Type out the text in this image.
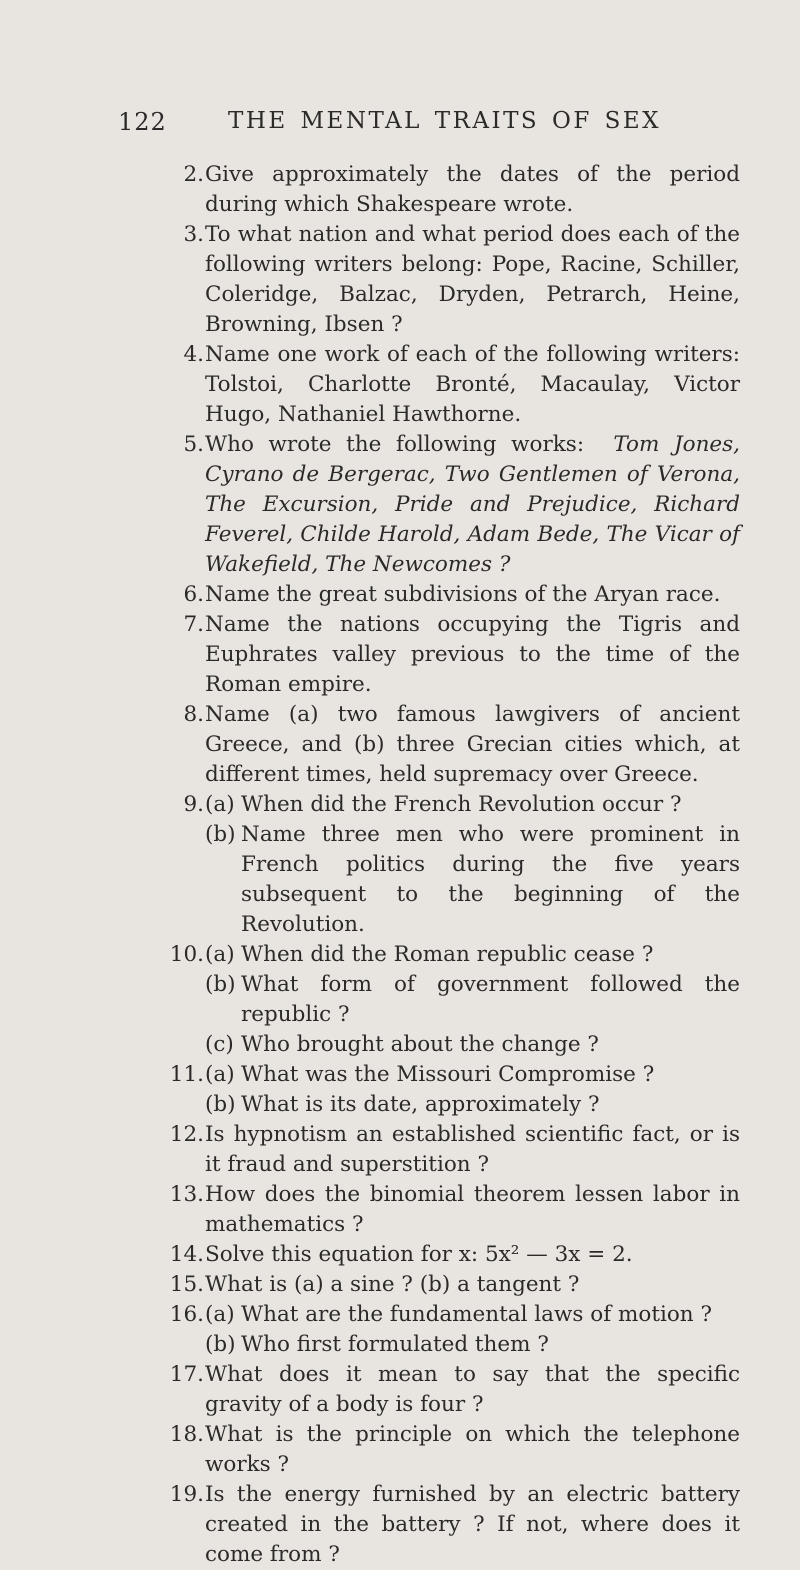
122	THE MENTAL TRAITS OF SEX
2. Give approximately the dates of the period during which Shakespeare wrote.
3. To what nation and what period does each of the following writers belong: Pope, Racine, Schiller, Coleridge, Balzac, Dryden, Petrarch, Heine, Browning, Ibsen ?
4. Name one work of each of the following writers: Tolstoi, Charlotte Bronté, Macaulay, Victor Hugo, Nathaniel Hawthorne.
5. Who wrote the following works: Tom Jones, Cyrano de Bergerac, Two Gentlemen of Verona, The Excursion, Pride and Prejudice, Richard Feverel, Childe Harold, Adam Bede, The Vicar of Wakefield, The Newcomes ?
6. Name the great subdivisions of the Aryan race.
7. Name the nations occupying the Tigris and Euphrates valley previous to the time of the Roman empire.
8. Name (a) two famous lawgivers of ancient Greece, and (b) three Grecian cities which, at different times, held supremacy over Greece.
9. (a) When did the French Revolution occur ?
(b) Name three men who were prominent in French politics during the five years subsequent to the beginning of the Revolution.
10. (a) When did the Roman republic cease ?
(b) What form of government followed the republic ?
(c) Who brought about the change ?
11. (a) What was the Missouri Compromise ?
(b) What is its date, approximately ?
12. Is hypnotism an established scientific fact, or is it fraud and superstition ?
13. How does the binomial theorem lessen labor in mathematics ?
14. Solve this equation for x: 5x² — 3x = 2.
15. What is (a) a sine ? (b) a tangent ?
16. (a) What are the fundamental laws of motion ?
(b) Who first formulated them ?
17. What does it mean to say that the specific gravity of a body is four ?
18. What is the principle on which the telephone works ?
19. Is the energy furnished by an electric battery created in the battery ? If not, where does it come from ?
